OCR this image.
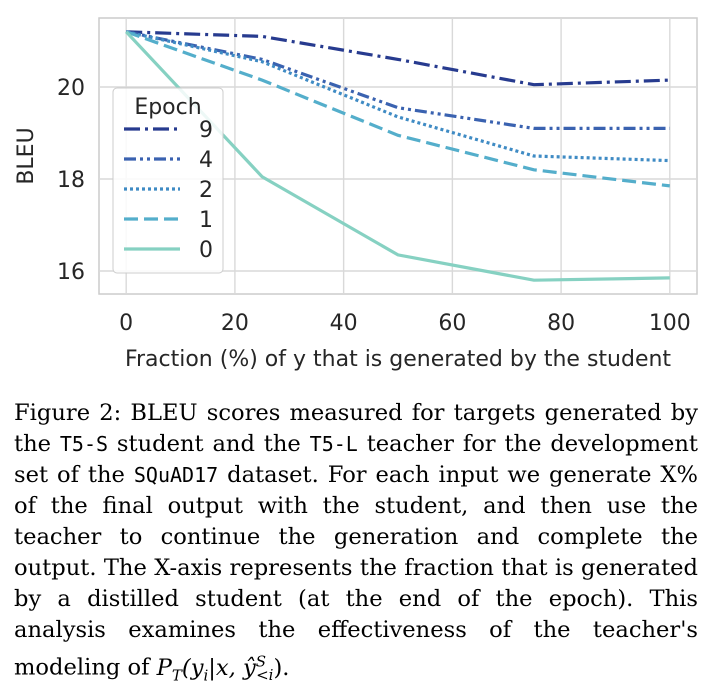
0	20	40	60	80	100
16
18
20
BLEU
Fraction (%) of y that is generated by the student
Epoch
9
4
2
1
0
Figure 2: BLEU scores measured for targets generated by the T5-S student and the T5-L teacher for the development set of the SQuAD17 dataset. For each input we generate X% of the final output with the student, and then use the teacher to continue the generation and complete the output. The X-axis represents the fraction that is generated by a distilled student (at the end of the epoch). This analysis examines the effectiveness of the teacher's modeling of $P_T(y_i|x$, $ŷ^S_{<i}$).
